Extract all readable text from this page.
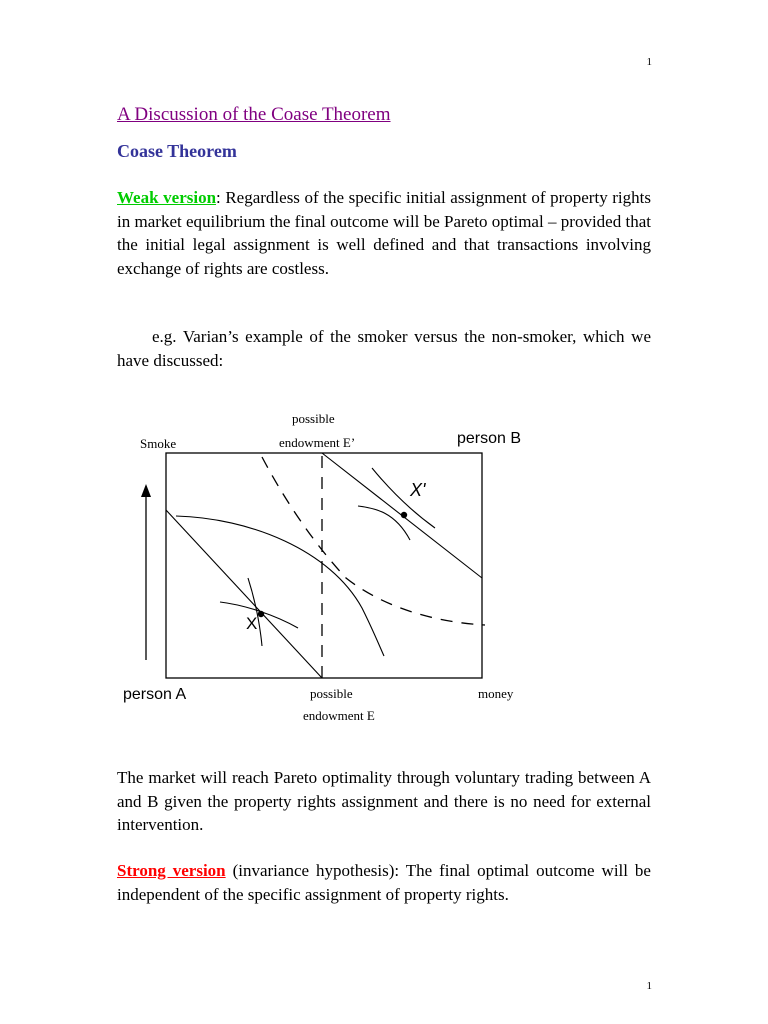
1
A Discussion of the Coase Theorem
Coase Theorem

Weak version: Regardless of the specific initial assignment of property rights in market equilibrium the final outcome will be Pareto optimal – provided that the initial legal assignment is well defined and that transactions involving exchange of rights are costless.

e.g. Varian’s example of the smoker versus the non-smoker, which we have discussed:

Smoke
possible
endowment E’	person B
person A	possible
endowment E
money
X
X'

The market will reach Pareto optimality through voluntary trading between A and B given the property rights assignment and there is no need for external intervention.

Strong version (invariance hypothesis): The final optimal outcome will be independent of the specific assignment of property rights.

1
